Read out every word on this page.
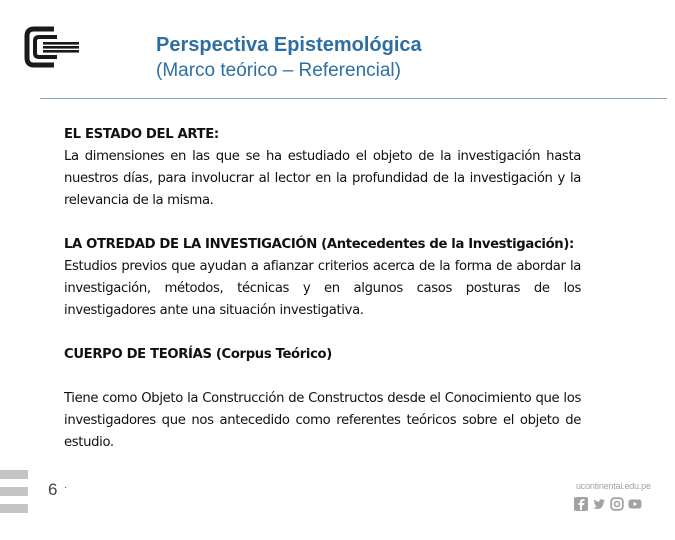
Perspectiva Epistemológica
(Marco teórico – Referencial)
EL ESTADO DEL ARTE:

La dimensiones en las que se ha estudiado el objeto de la investigación hasta nuestros días, para involucrar al lector en la profundidad de la investigación y la relevancia de la misma.

LA OTREDAD DE LA INVESTIGACIÓN (Antecedentes de la Investigación):

Estudios previos que ayudan a afianzar criterios acerca de la forma de abordar la investigación, métodos, técnicas y en algunos casos posturas de los investigadores ante una situación investigativa.

CUERPO DE TEORÍAS (Corpus Teórico)

Tiene como Objeto la Construcción de Constructos desde el Conocimiento que los investigadores que nos antecedido como referentes teóricos sobre el objeto de estudio.

6 ·	ucontinental.edu.pe
